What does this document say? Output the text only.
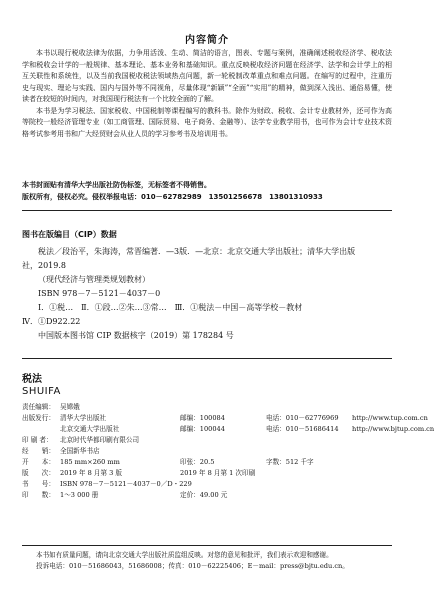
内容简介

本书以现行税收法律为依据，力争用活泼、生动、简洁的语言，图表、专题与案例，准确阐述税收经济学、税收法学和税收会计学的一般规律、基本理论、基本业务和基础知识。重点反映税收经济问题在经济学、法学和会计学上的相互关联性和系统性，以及当前我国税收税法领域热点问题，新一轮税制改革重点和难点问题。在编写的过程中，注重历史与现实、理论与实践、国内与国外等不同视角，尽量体现“新颖”“全面”“实用”的精神，做到深入浅出、通俗易懂，使读者在较短的时间内，对我国现行税法有一个比较全面的了解。

本书是为学习税法、国家税收、中国税制等课程编写的教科书。除作为财政、税收、会计专业教材外，还可作为高等院校一般经济管理专业（如工商管理、国际贸易、电子商务、金融等）、法学专业教学用书，也可作为会计专业技术资格考试参考用书和广大经贸财会从业人员的学习参考书及培训用书。

本书封面贴有清华大学出版社防伪标签，无标签者不得销售。
版权所有，侵权必究。侵权举报电话：010－62782989　13501256678　13801310933
图书在版编目（CIP）数据
税法／段治平，朱海涛，常晋编著．—3版．—北京：北京交通大学出版社；清华大学出版
社，2019.8
（现代经济与管理类规划教材）
ISBN 978－7－5121－4037－0
Ⅰ．①税…　Ⅱ．①段…②朱…③常…　Ⅲ．①税法－中国－高等学校－教材
Ⅳ．①D922.22
中国版本图书馆 CIP 数据核字（2019）第 178284 号
税法
SHUIFA
责任编辑： 吴嫦娥
出版发行： 清华大学出版社	邮编：100084	电话：010－62776969	http://www.tup.com.cn
北京交通大学出版社	邮编：100044	电话：010－51686414	http://www.bjtup.com.cn
印 刷 者：	北京时代华都印刷有限公司
经　　销： 全国新华书店
开　　本： 185 mm×260 mm	印张：20.5	字数：512 千字
版　　次： 2019 年 8 月第 3 版	2019 年 8 月第 1 次印刷
书　　号： ISBN 978－7－5121－4037－0／D・229
印　　数： 1～3 000 册	定价：49.00 元

本书如有质量问题，请向北京交通大学出版社质监组反映。对您的意见和批评，我们表示欢迎和感谢。

投诉电话：010－51686043，51686008；传真：010－62225406；E－mail：press@bjtu.edu.cn。
